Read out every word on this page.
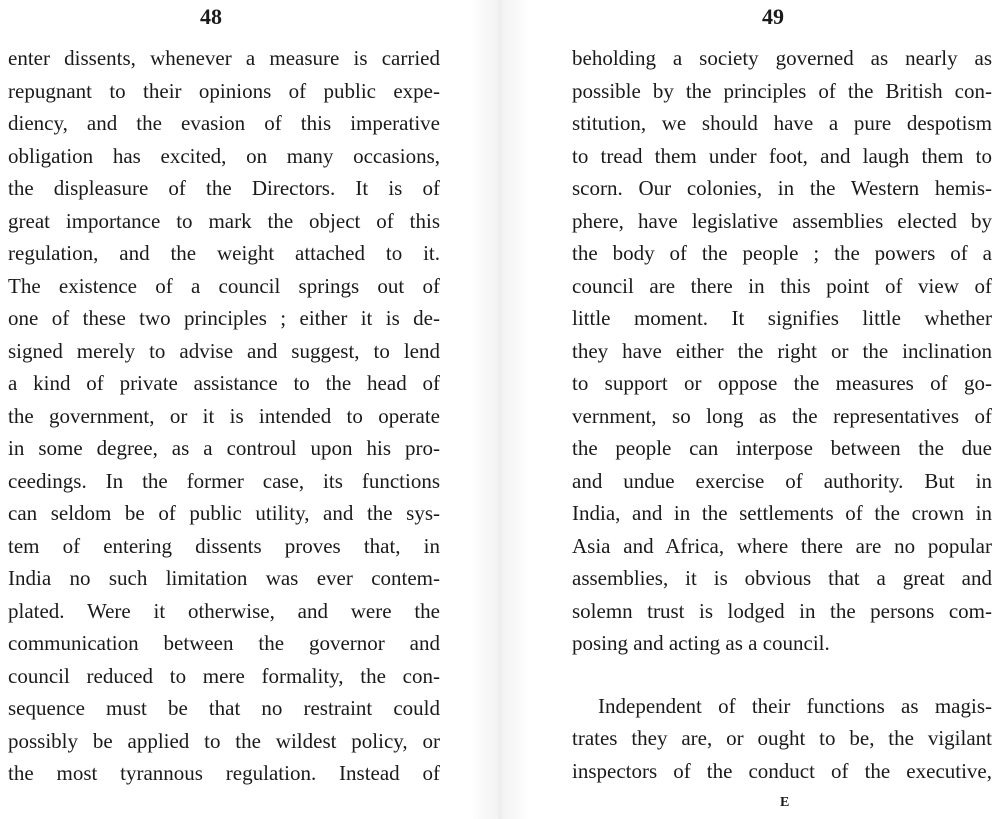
48
enter dissents, whenever a measure is carried
repugnant to their opinions of public expe-
diency, and the evasion of this imperative
obligation has excited, on many occasions,
the displeasure of the Directors. It is of
great importance to mark the object of this
regulation, and the weight attached to it.
The existence of a council springs out of
one of these two principles ; either it is de-
signed merely to advise and suggest, to lend
a kind of private assistance to the head of
the government, or it is intended to operate
in some degree, as a controul upon his pro-
ceedings. In the former case, its functions
can seldom be of public utility, and the sys-
tem of entering dissents proves that, in
India no such limitation was ever contem-
plated. Were it otherwise, and were the
communication between the governor and
council reduced to mere formality, the con-
sequence must be that no restraint could
possibly be applied to the wildest policy, or
the most tyrannous regulation. Instead of
49
beholding a society governed as nearly as
possible by the principles of the British con-
stitution, we should have a pure despotism
to tread them under foot, and laugh them to
scorn. Our colonies, in the Western hemis-
phere, have legislative assemblies elected by
the body of the people ; the powers of a
council are there in this point of view of
little moment. It signifies little whether
they have either the right or the inclination
to support or oppose the measures of go-
vernment, so long as the representatives of
the people can interpose between the due
and undue exercise of authority. But in
India, and in the settlements of the crown in
Asia and Africa, where there are no popular
assemblies, it is obvious that a great and
solemn trust is lodged in the persons com-
posing and acting as a council.
Independent of their functions as magis-
trates they are, or ought to be, the vigilant
inspectors of the conduct of the executive,
E
